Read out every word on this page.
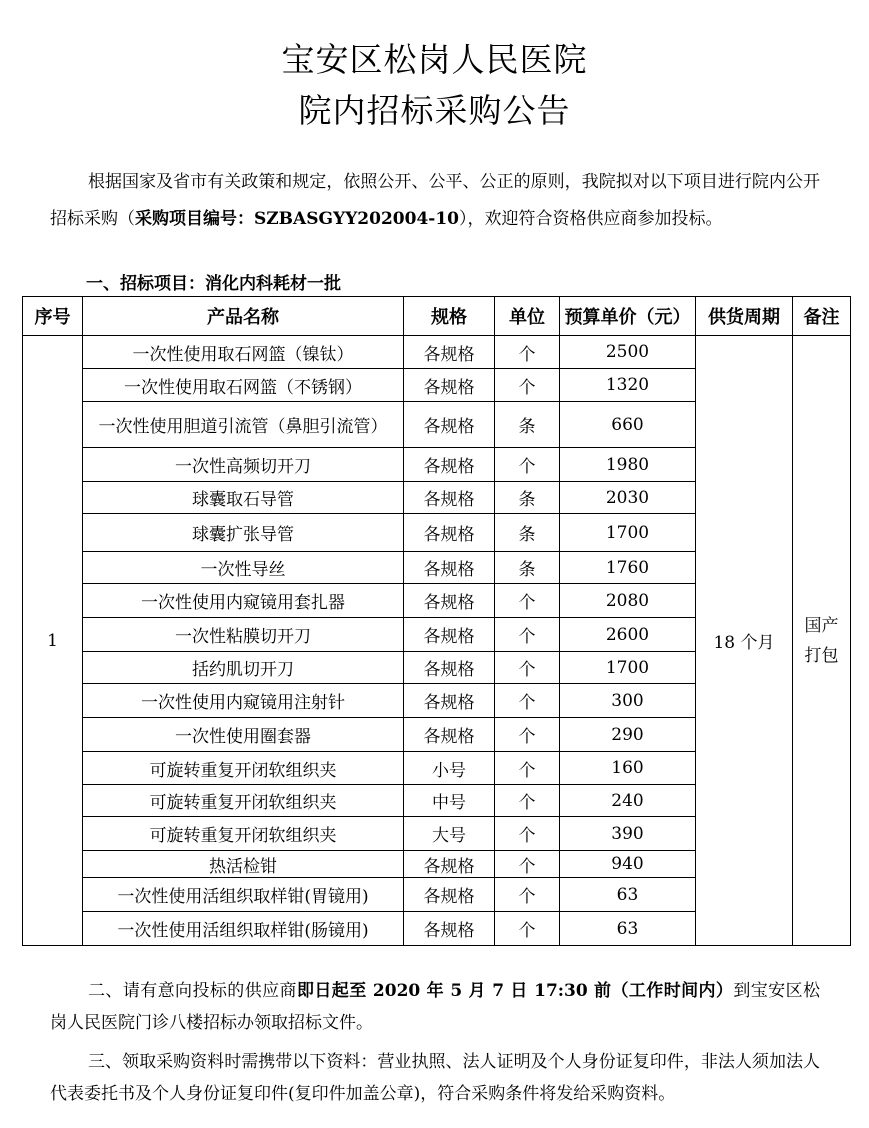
宝安区松岗人民医院
院内招标采购公告
根据国家及省市有关政策和规定，依照公开、公平、公正的原则，我院拟对以下项目进行院内公开招标采购（采购项目编号：SZBASGYY202004-10），欢迎符合资格供应商参加投标。
一、招标项目：消化内科耗材一批
序号	产品名称	规格	单位	预算单价（元）	供货周期	备注
1	一次性使用取石网篮（镍钛）	各规格	个	2500	18 个月	国产打包
	一次性使用取石网篮（不锈钢）	各规格	个	1320		
	一次性使用胆道引流管（鼻胆引流管）	各规格	条	660		
	一次性高频切开刀	各规格	个	1980		
	球囊取石导管	各规格	条	2030		
	球囊扩张导管	各规格	条	1700		
	一次性导丝	各规格	条	1760		
	一次性使用内窥镜用套扎器	各规格	个	2080		
	一次性粘膜切开刀	各规格	个	2600		
	括约肌切开刀	各规格	个	1700		
	一次性使用内窥镜用注射针	各规格	个	300		
	一次性使用圈套器	各规格	个	290		
	可旋转重复开闭软组织夹	小号	个	160		
	可旋转重复开闭软组织夹	中号	个	240		
	可旋转重复开闭软组织夹	大号	个	390		
	热活检钳	各规格	个	940		
	一次性使用活组织取样钳(胃镜用)	各规格	个	63		
	一次性使用活组织取样钳(肠镜用)	各规格	个	63		
二、请有意向投标的供应商即日起至 2020 年 5 月 7 日 17:30 前（工作时间内）到宝安区松岗人民医院门诊八楼招标办领取招标文件。
三、领取采购资料时需携带以下资料：营业执照、法人证明及个人身份证复印件，非法人须加法人代表委托书及个人身份证复印件(复印件加盖公章)，符合采购条件将发给采购资料。
